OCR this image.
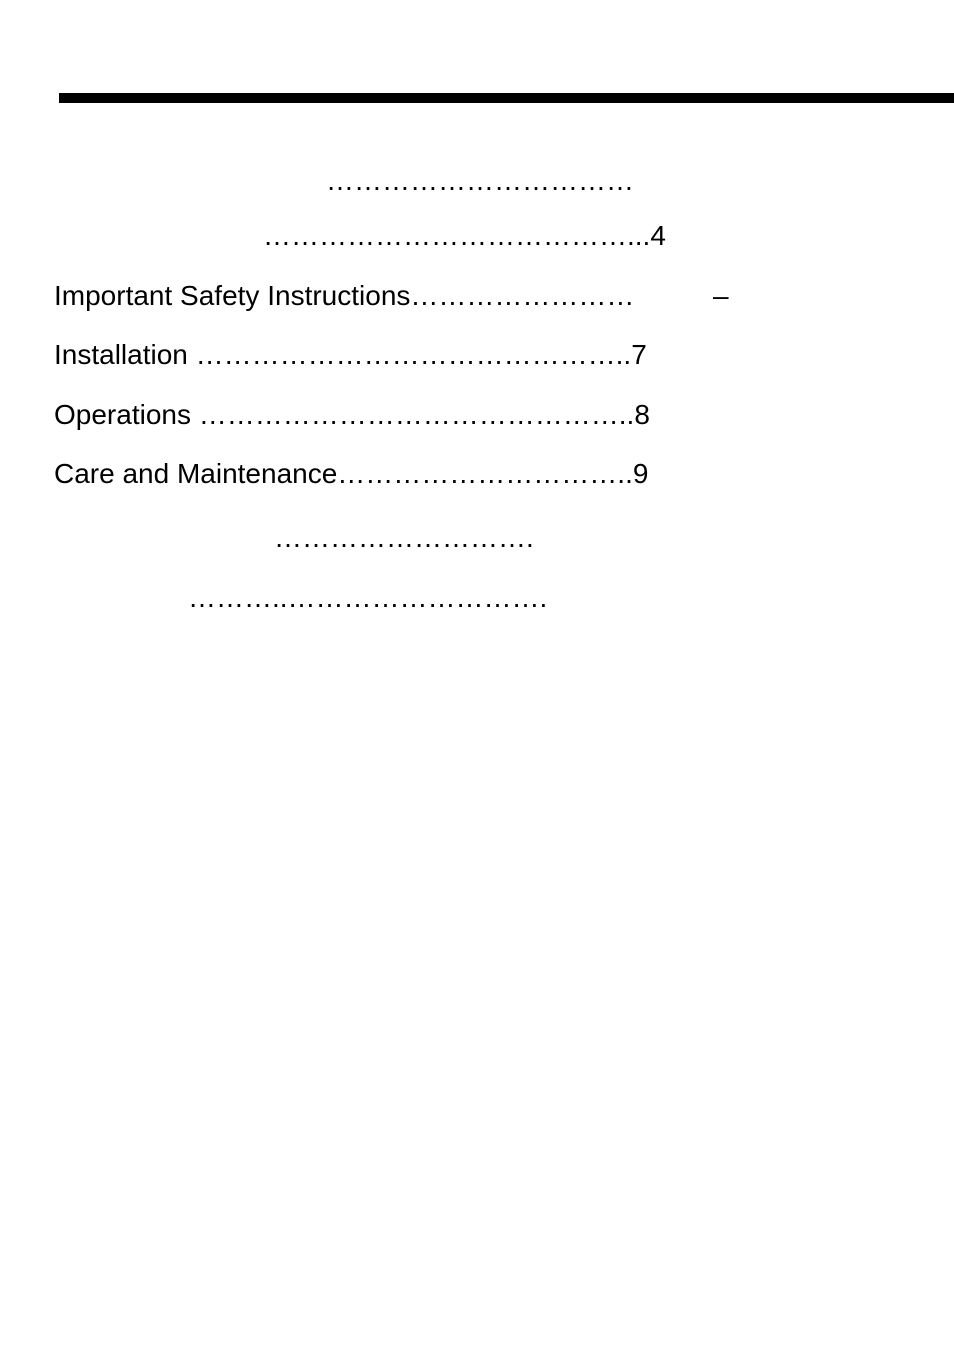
……………………………
…………………………………...4
Important Safety Instructions……………………	–
Installation ………………………………………..7
Operations ………………………………………..8
Care and Maintenance…………………………..9
……………………….
………..……………………….
